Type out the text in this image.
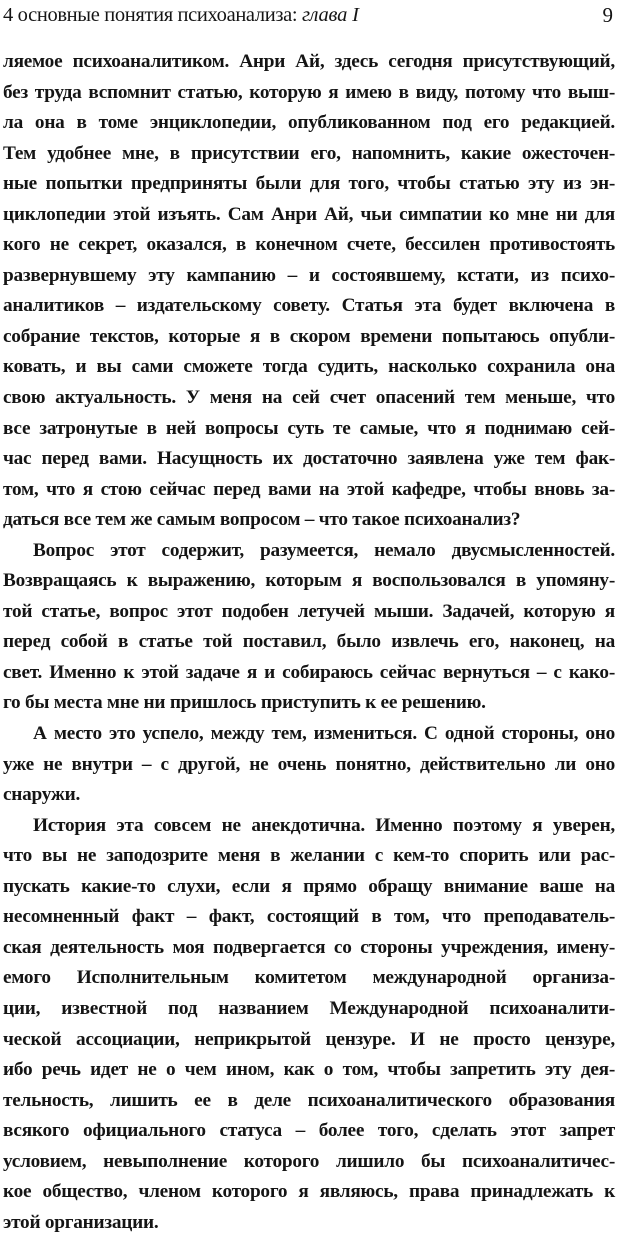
4 основные понятия психоанализа: глава I	9
ляемое психоаналитиком. Анри Ай, здесь сегодня присутствующий,
без труда вспомнит статью, которую я имею в виду, потому что выш-
ла она в томе энциклопедии, опубликованном под его редакцией.
Тем удобнее мне, в присутствии его, напомнить, какие ожесточен-
ные попытки предприняты были для того, чтобы статью эту из эн-
циклопедии этой изъять. Сам Анри Ай, чьи симпатии ко мне ни для
кого не секрет, оказался, в конечном счете, бессилен противостоять
развернувшему эту кампанию – и состоявшему, кстати, из психо-
аналитиков – издательскому совету. Статья эта будет включена в
собрание текстов, которые я в скором времени попытаюсь опубли-
ковать, и вы сами сможете тогда судить, насколько сохранила она
свою актуальность. У меня на сей счет опасений тем меньше, что
все затронутые в ней вопросы суть те самые, что я поднимаю сей-
час перед вами. Насущность их достаточно заявлена уже тем фак-
том, что я стою сейчас перед вами на этой кафедре, чтобы вновь за-
даться все тем же самым вопросом – что такое психоанализ?
Вопрос этот содержит, разумеется, немало двусмысленностей.
Возвращаясь к выражению, которым я воспользовался в упомяну-
той статье, вопрос этот подобен летучей мыши. Задачей, которую я
перед собой в статье той поставил, было извлечь его, наконец, на
свет. Именно к этой задаче я и собираюсь сейчас вернуться – с како-
го бы места мне ни пришлось приступить к ее решению.
А место это успело, между тем, измениться. С одной стороны, оно
уже не внутри – с другой, не очень понятно, действительно ли оно
снаружи.
История эта совсем не анекдотична. Именно поэтому я уверен,
что вы не заподозрите меня в желании с кем-то спорить или рас-
пускать какие-то слухи, если я прямо обращу внимание ваше на
несомненный факт – факт, состоящий в том, что преподаватель-
ская деятельность моя подвергается со стороны учреждения, имену-
емого Исполнительным комитетом международной организа-
ции, известной под названием Международной психоаналити-
ческой ассоциации, неприкрытой цензуре. И не просто цензуре,
ибо речь идет не о чем ином, как о том, чтобы запретить эту дея-
тельность, лишить ее в деле психоаналитического образования
всякого официального статуса – более того, сделать этот запрет
условием, невыполнение которого лишило бы психоаналитичес-
кое общество, членом которого я являюсь, права принадлежать к
этой организации.
